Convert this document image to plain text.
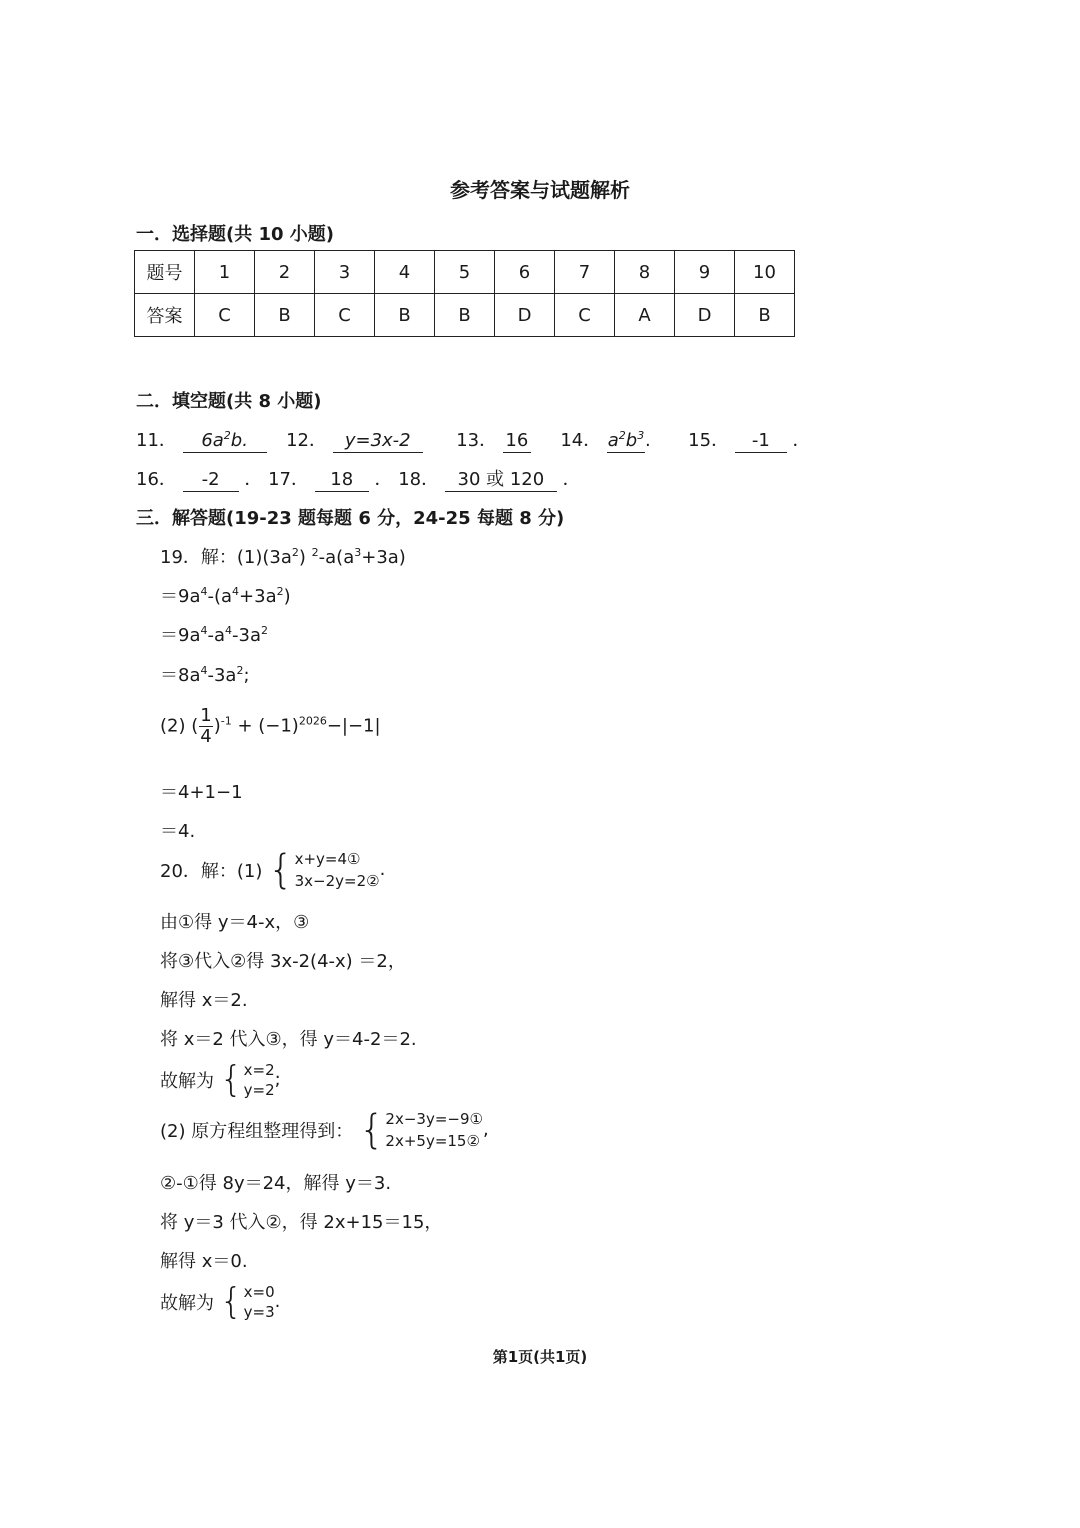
参考答案与试题解析
一．选择题(共 10 小题)
题号	1	2	3	4	5	6	7	8	9	10
答案	C	B	C	B	B	D	C	A	D	B
二．填空题(共 8 小题)
11． $6a^2b$. 12． y=3x-2	13． 16 14． $a^2b^3$. 15． -1 ．
16． -2 ． 17． 18 ． 18． 30 或 120 ．
三．解答题(19-23 题每题 6 分，24-25 每题 8 分)
19．解：$(1)(3a^2)$ $^2-a(a^3+3a)$
$=9a^4-(a^4+3a^2)$
$=9a^4-a^4-3a^2$
$=8a^4-3a^2$;
(2) ( $\frac{1}{4} )^{-1} + (-1)^{2026}-|-1|$
＝4+1−1
＝4.
20．解：(1) { x+y=4①
3x−2y=2②
.
由①得 y＝4-x，③
将③代入②得 3x-2(4-x) ＝2，
解得 x＝2.
将 x＝2 代入③，得 y＝4-2＝2.
故解为 { x=2
y=2 ;
(2) 原方程组整理得到： { 2x−3y=−9①
2x+5y=15②
,
②-①得 8y＝24，解得 y＝3.
将 y＝3 代入②，得 2x+15＝15，
解得 x＝0.
故解为 { x=0
y=3 .
第1页(共1页)
